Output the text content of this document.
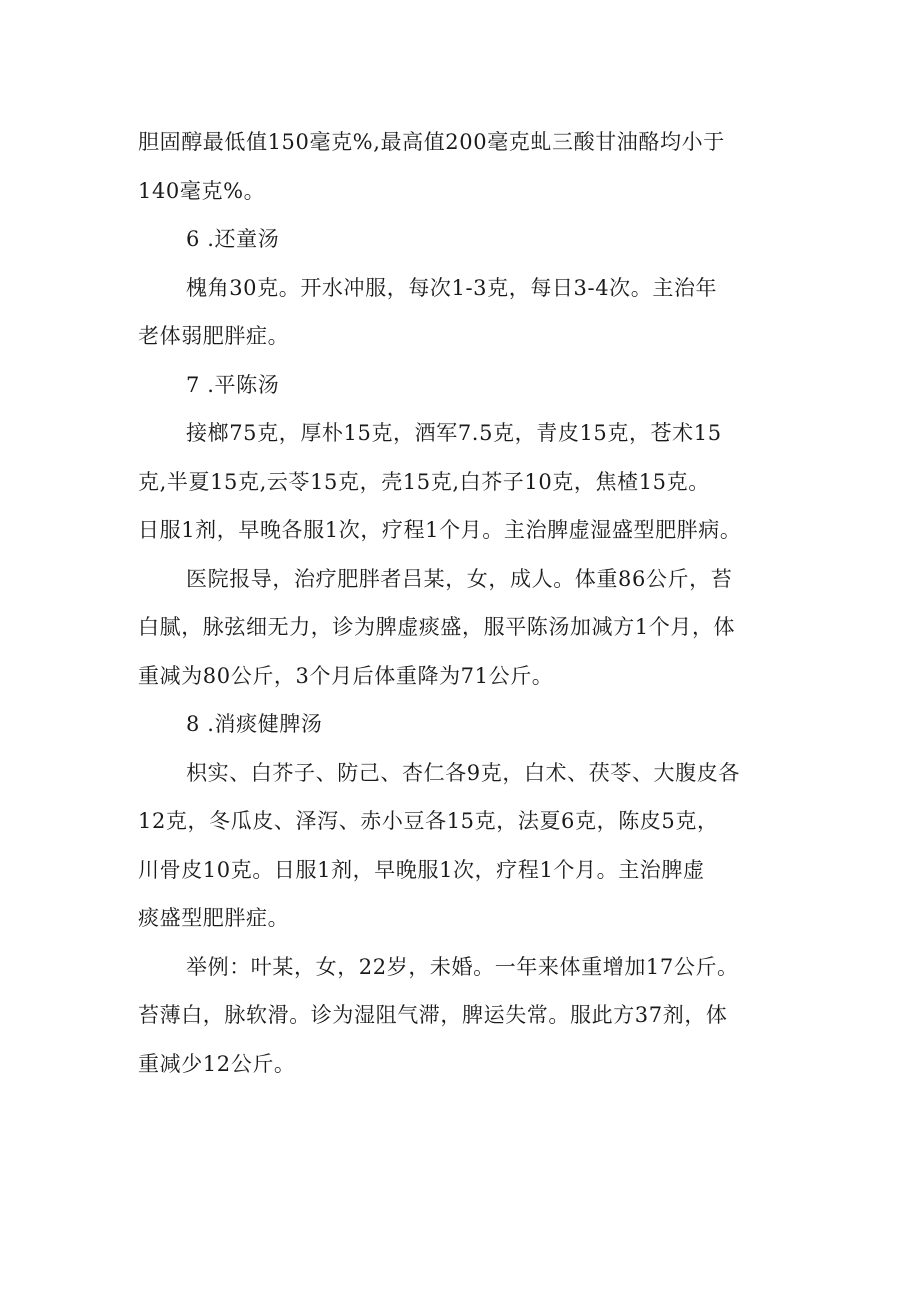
胆固醇最低值150毫克%,最高值200毫克虬三酸甘油酪均小于
140毫克%。
6 .还童汤
槐角30克。开水冲服，每次1-3克，每日3-4次。主治年
老体弱肥胖症。
7 .平陈汤
接榔75克，厚朴15克，酒军7.5克，青皮15克，苍术15
克,半夏15克,云苓15克，壳15克,白芥子10克，焦楂15克。
日服1剂，早晚各服1次，疗程1个月。主治脾虚湿盛型肥胖病。
医院报导，治疗肥胖者吕某，女，成人。体重86公斤，苔
白腻，脉弦细无力，诊为脾虚痰盛，服平陈汤加减方1个月，体
重减为80公斤，3个月后体重降为71公斤。
8 .消痰健脾汤
枳实、白芥子、防己、杏仁各9克，白术、茯苓、大腹皮各
12克，冬瓜皮、泽泻、赤小豆各15克，法夏6克，陈皮5克，
川骨皮10克。日服1剂，早晚服1次，疗程1个月。主治脾虚
痰盛型肥胖症。
举例：叶某，女，22岁，未婚。一年来体重增加17公斤。
苔薄白，脉软滑。诊为湿阻气滞，脾运失常。服此方37剂，体
重减少12公斤。
